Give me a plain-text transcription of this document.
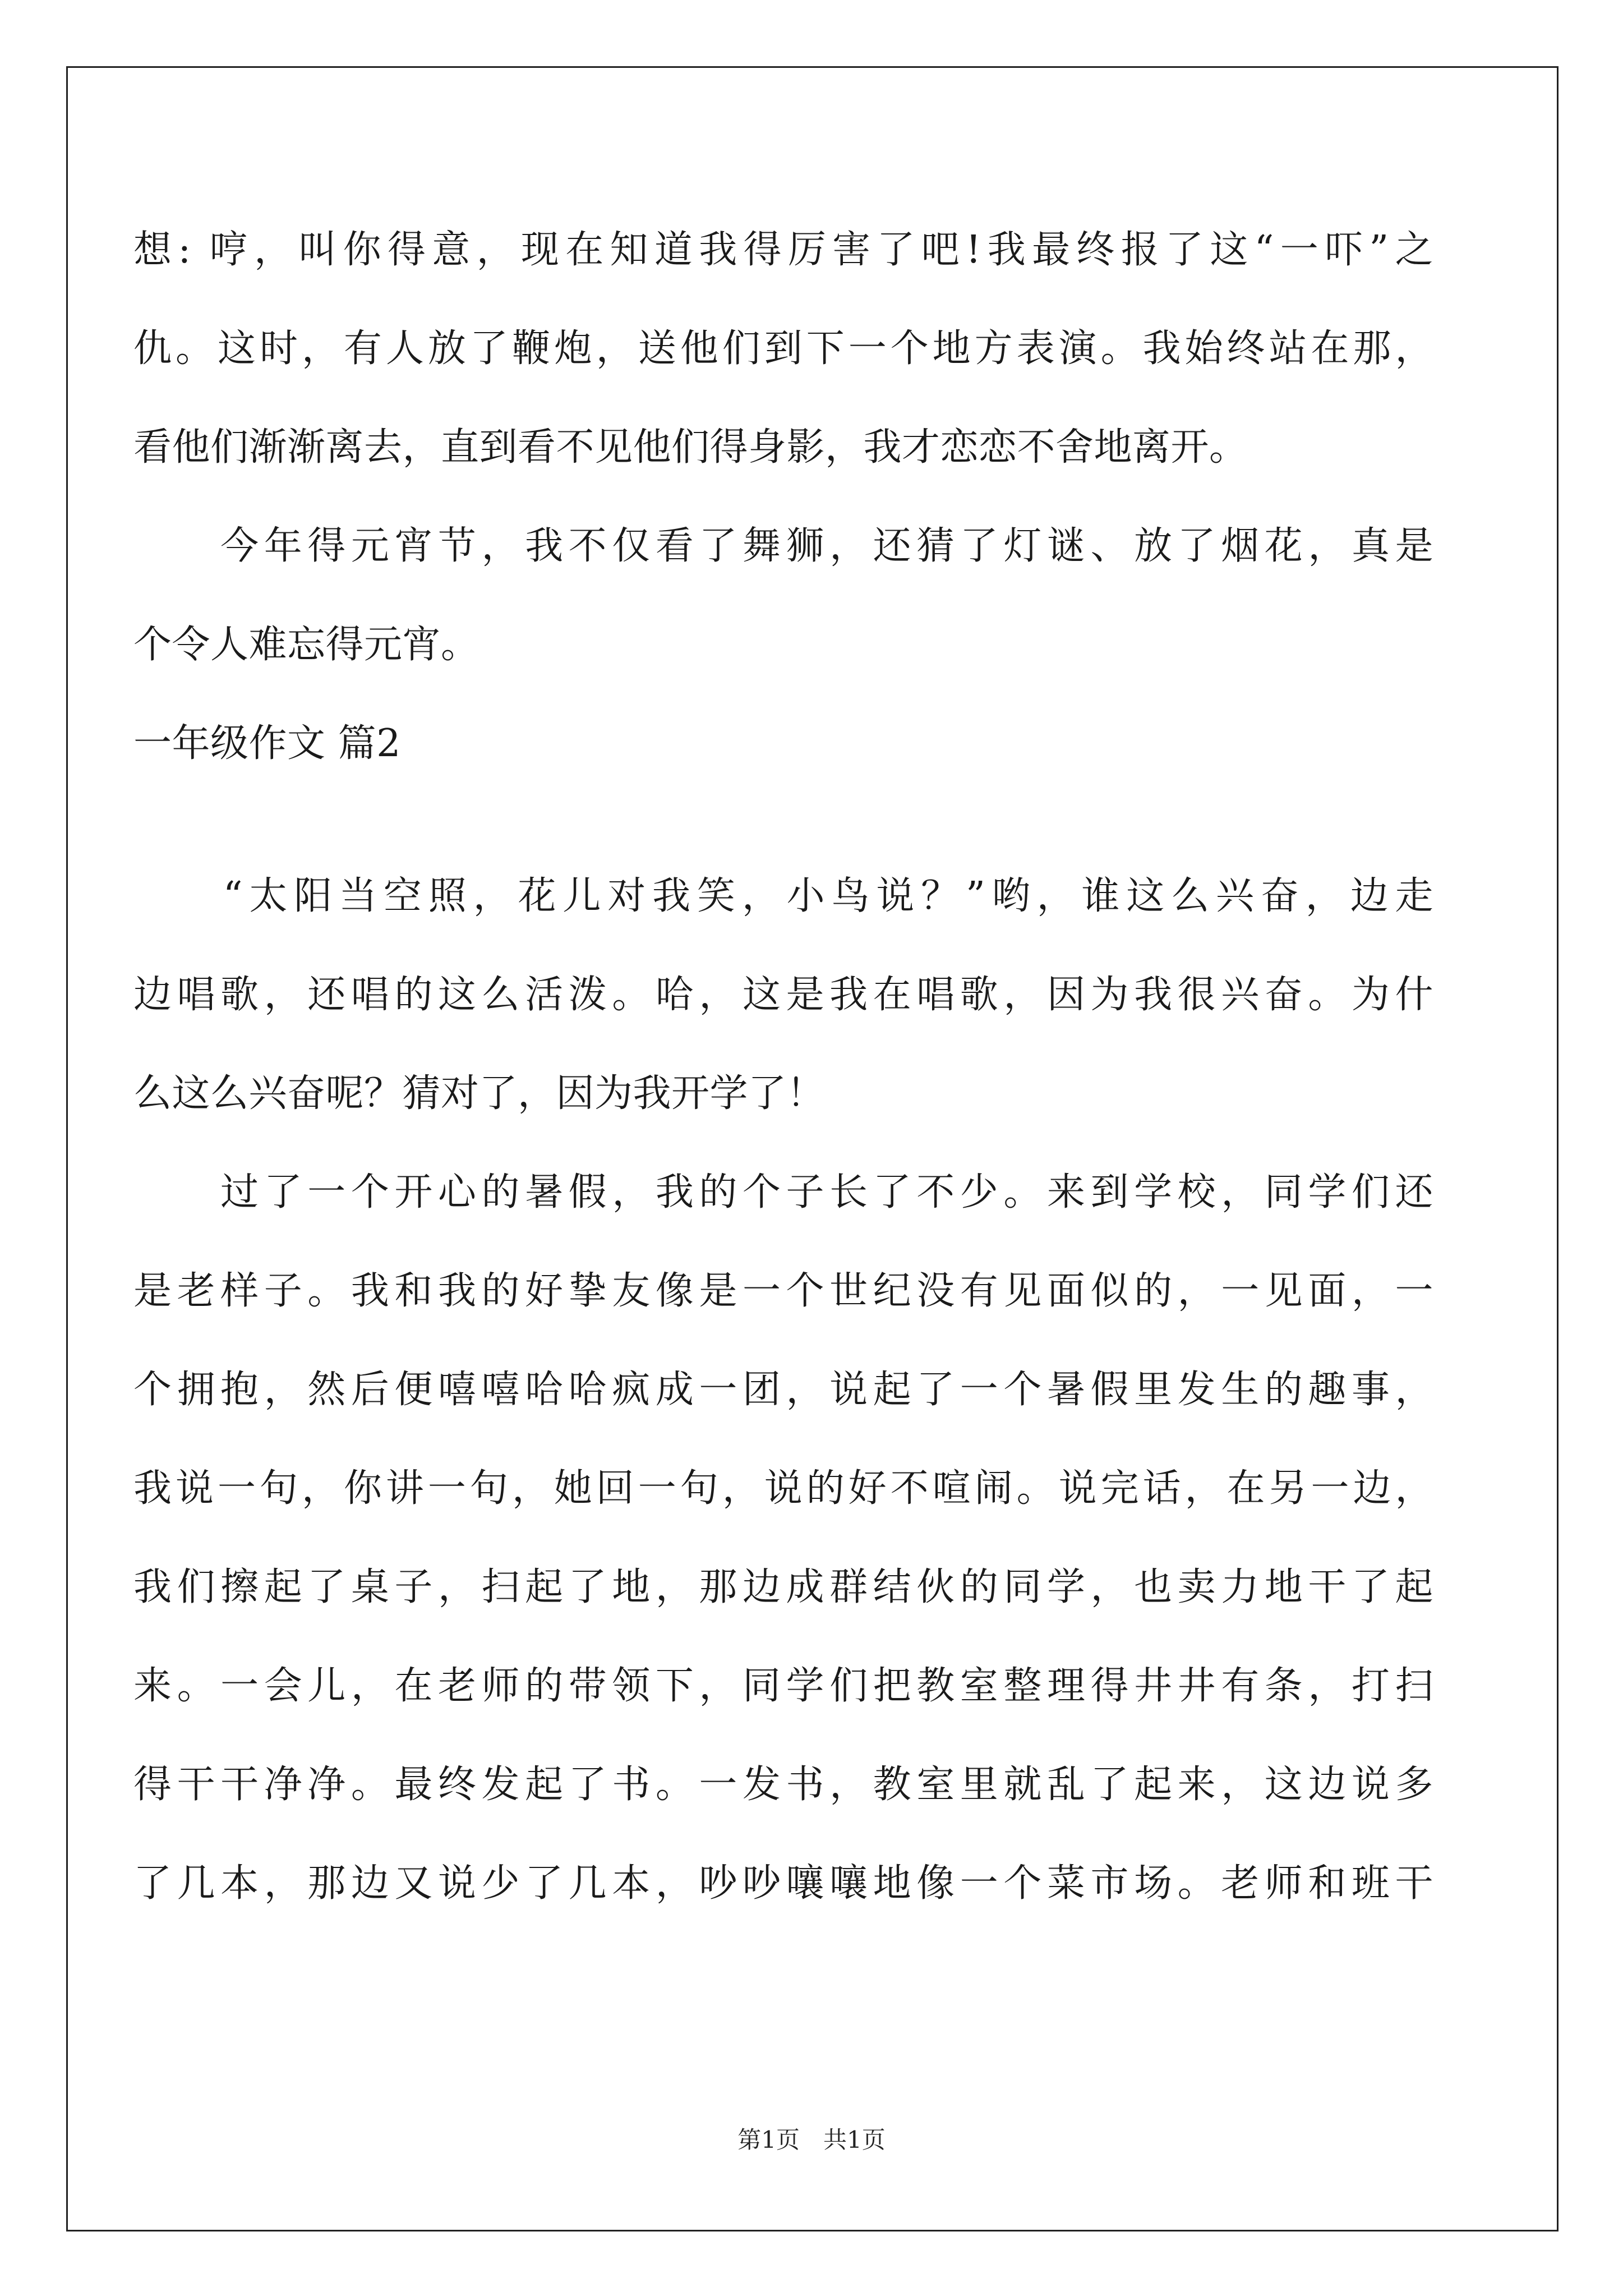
想: 哼，叫你得意，现在知道我得厉害了吧!我最终报了这“一吓”之
仇。这时，有人放了鞭炮，送他们到下一个地方表演。我始终站在那，
看他们渐渐离去，直到看不见他们得身影，我才恋恋不舍地离开。
　　今年得元宵节，我不仅看了舞狮，还猜了灯谜、放了烟花，真是
个令人难忘得元宵。
一年级作文 篇2
　　“太阳当空照，花儿对我笑，小鸟说？”哟，谁这么兴奋，边走
边唱歌，还唱的这么活泼。哈，这是我在唱歌，因为我很兴奋。为什
么这么兴奋呢？猜对了，因为我开学了！
　　过了一个开心的暑假，我的个子长了不少。来到学校，同学们还
是老样子。我和我的好挚友像是一个世纪没有见面似的，一见面，一
个拥抱，然后便嘻嘻哈哈疯成一团，说起了一个暑假里发生的趣事，
我说一句，你讲一句，她回一句，说的好不喧闹。说完话，在另一边，
我们擦起了桌子，扫起了地，那边成群结伙的同学，也卖力地干了起
来。一会儿，在老师的带领下，同学们把教室整理得井井有条，打扫
得干干净净。最终发起了书。一发书，教室里就乱了起来，这边说多
了几本，那边又说少了几本，吵吵嚷嚷地像一个菜市场。老师和班干
第1页　共1页
